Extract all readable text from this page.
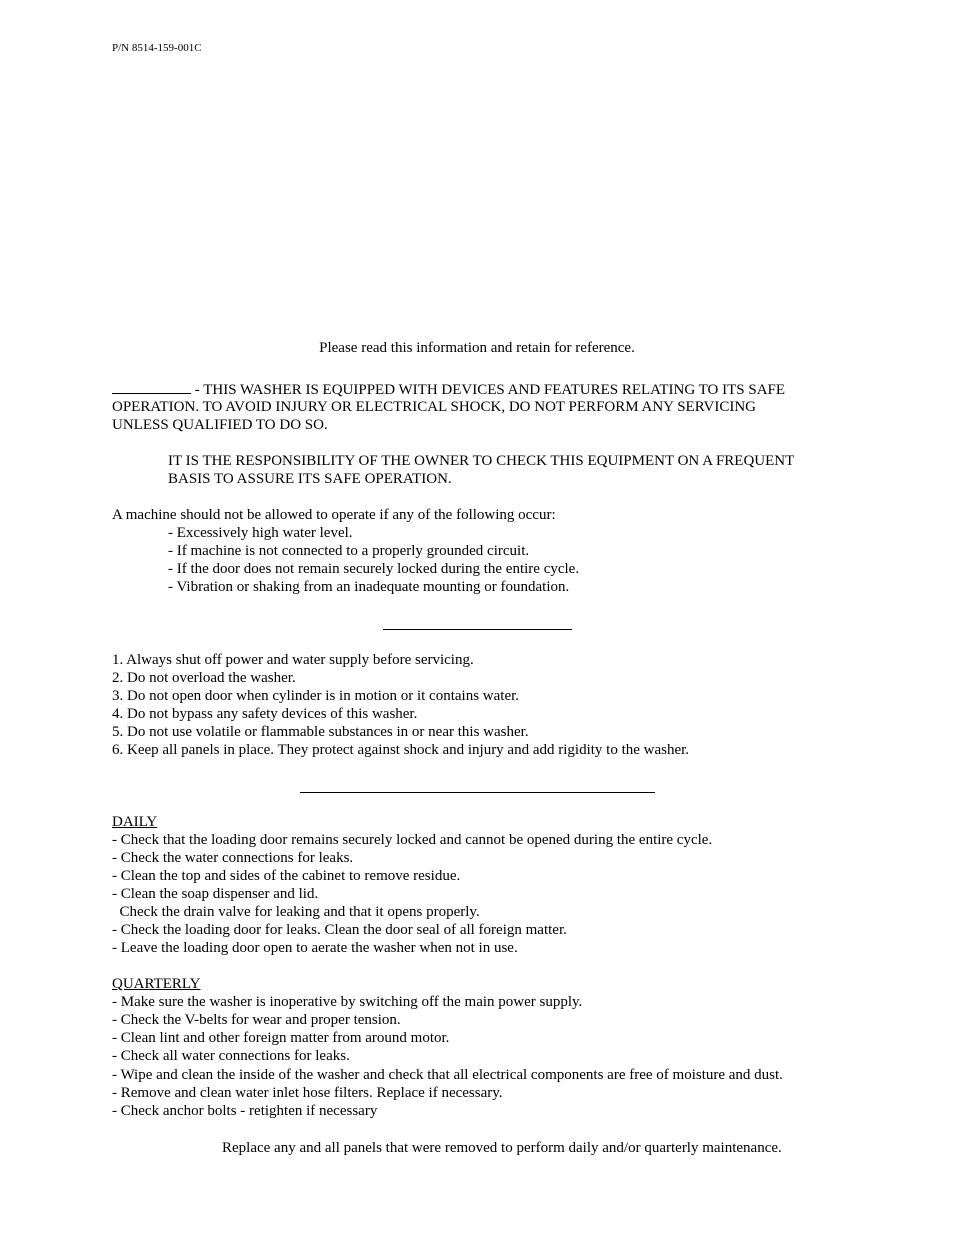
P/N 8514-159-001C
Please read this information and retain for reference.
- THIS WASHER IS EQUIPPED WITH DEVICES AND FEATURES RELATING TO ITS SAFE
OPERATION. TO AVOID INJURY OR ELECTRICAL SHOCK, DO NOT PERFORM ANY SERVICING
UNLESS QUALIFIED TO DO SO.
IT IS THE RESPONSIBILITY OF THE OWNER TO CHECK THIS EQUIPMENT ON A FREQUENT
BASIS TO ASSURE ITS SAFE OPERATION.
A machine should not be allowed to operate if any of the following occur:
- Excessively high water level.
- If machine is not connected to a properly grounded circuit.
- If the door does not remain securely locked during the entire cycle.
- Vibration or shaking from an inadequate mounting or foundation.
1. Always shut off power and water supply before servicing.
2. Do not overload the washer.
3. Do not open door when cylinder is in motion or it contains water.
4. Do not bypass any safety devices of this washer.
5. Do not use volatile or flammable substances in or near this washer.
6. Keep all panels in place. They protect against shock and injury and add rigidity to the washer.
DAILY
- Check that the loading door remains securely locked and cannot be opened during the entire cycle.
- Check the water connections for leaks.
- Clean the top and sides of the cabinet to remove residue.
- Clean the soap dispenser and lid.
Check the drain valve for leaking and that it opens properly.
- Check the loading door for leaks. Clean the door seal of all foreign matter.
- Leave the loading door open to aerate the washer when not in use.
QUARTERLY
- Make sure the washer is inoperative by switching off the main power supply.
- Check the V-belts for wear and proper tension.
- Clean lint and other foreign matter from around motor.
- Check all water connections for leaks.
- Wipe and clean the inside of the washer and check that all electrical components are free of moisture and dust.
- Remove and clean water inlet hose filters. Replace if necessary.
- Check anchor bolts - retighten if necessary
Replace any and all panels that were removed to perform daily and/or quarterly maintenance.
